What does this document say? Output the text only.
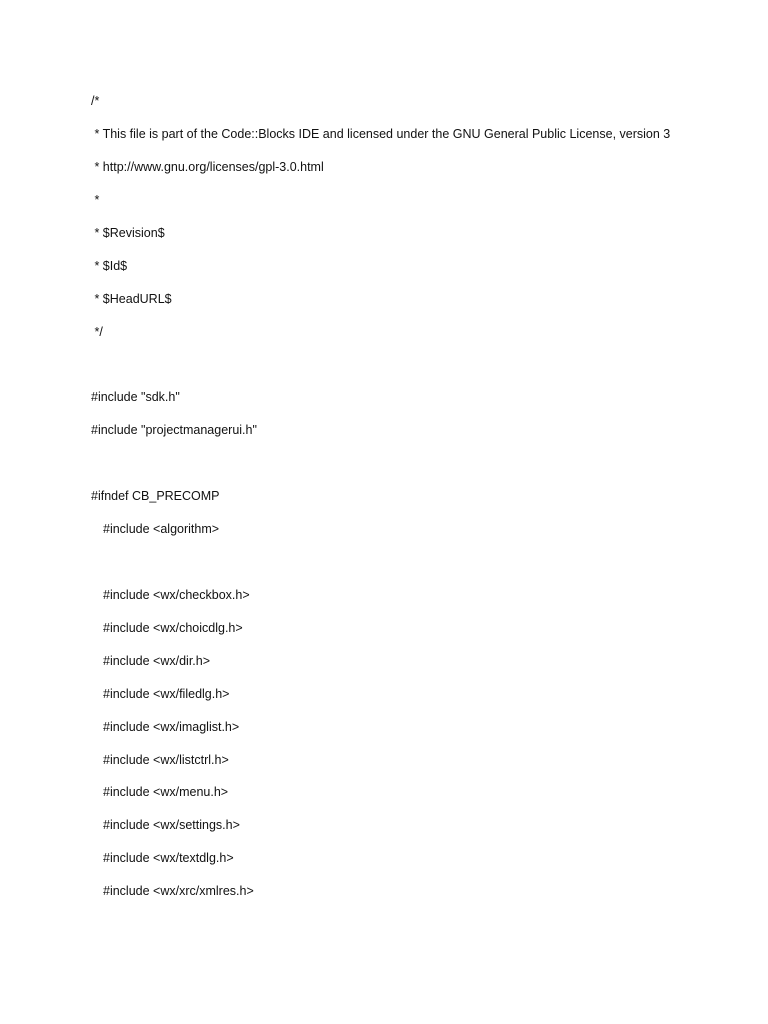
/*
* This file is part of the Code::Blocks IDE and licensed under the GNU General Public License, version 3
* http://www.gnu.org/licenses/gpl-3.0.html
*
* $Revision$
* $Id$
* $HeadURL$
*/
#include "sdk.h"
#include "projectmanagerui.h"
#ifndef CB_PRECOMP
#include <algorithm>
#include <wx/checkbox.h>
#include <wx/choicdlg.h>
#include <wx/dir.h>
#include <wx/filedlg.h>
#include <wx/imaglist.h>
#include <wx/listctrl.h>
#include <wx/menu.h>
#include <wx/settings.h>
#include <wx/textdlg.h>
#include <wx/xrc/xmlres.h>
